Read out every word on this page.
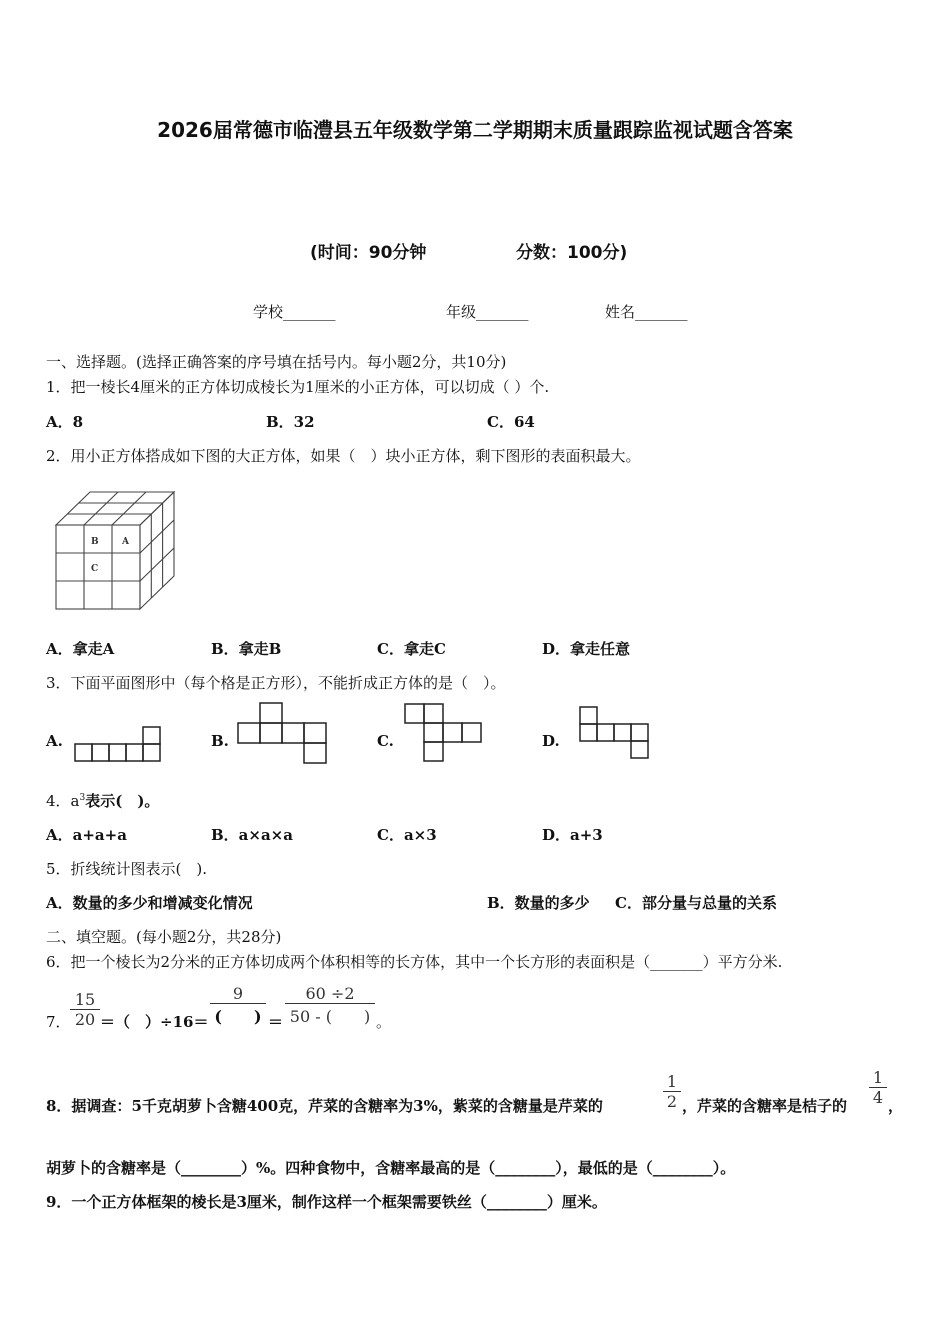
2026届常德市临澧县五年级数学第二学期期末质量跟踪监视试题含答案
(时间：90分钟	分数：100分)
学校_______	年级_______	姓名_______
一、选择题。(选择正确答案的序号填在括号内。每小题2分，共10分)
1．把一棱长4厘米的正方体切成棱长为1厘米的小正方体，可以切成（ ）个.
A．8	B．32	C．64
2．用小正方体搭成如下图的大正方体，如果（　）块小正方体，剩下图形的表面积最大。
B	A
C
A．拿走A	B．拿走B	C．拿走C	D．拿走任意
3．下面平面图形中（每个格是正方形），不能折成正方体的是（　）。
A.	B.	C.	D.
4．$a^3$表示(　)。
A．a+a+a	B．a×a×a	C．a×3	D．a+3
5．折线统计图表示(　).
A．数量的多少和增减变化情况	B．数量的多少 C．部分量与总量的关系
二、填空题。(每小题2分，共28分)
6．把一个棱长为2分米的正方体切成两个体积相等的长方体，其中一个长方形的表面积是（_______）平方分米.
7．
15
20 ＝（　）÷16＝
9
(　　) ＝
60 ÷2
50 - (　　) 。
8．据调查：5千克胡萝卜含糖400克，芹菜的含糖率为3%，紫菜的含糖量是芹菜的
1
2 ，芹菜的含糖率是桔子的
1
4 ，
胡萝卜的含糖率是（________）%。四种食物中，含糖率最高的是（________），最低的是（________）。
9．一个正方体框架的棱长是3厘米，制作这样一个框架需要铁丝（________）厘米。
